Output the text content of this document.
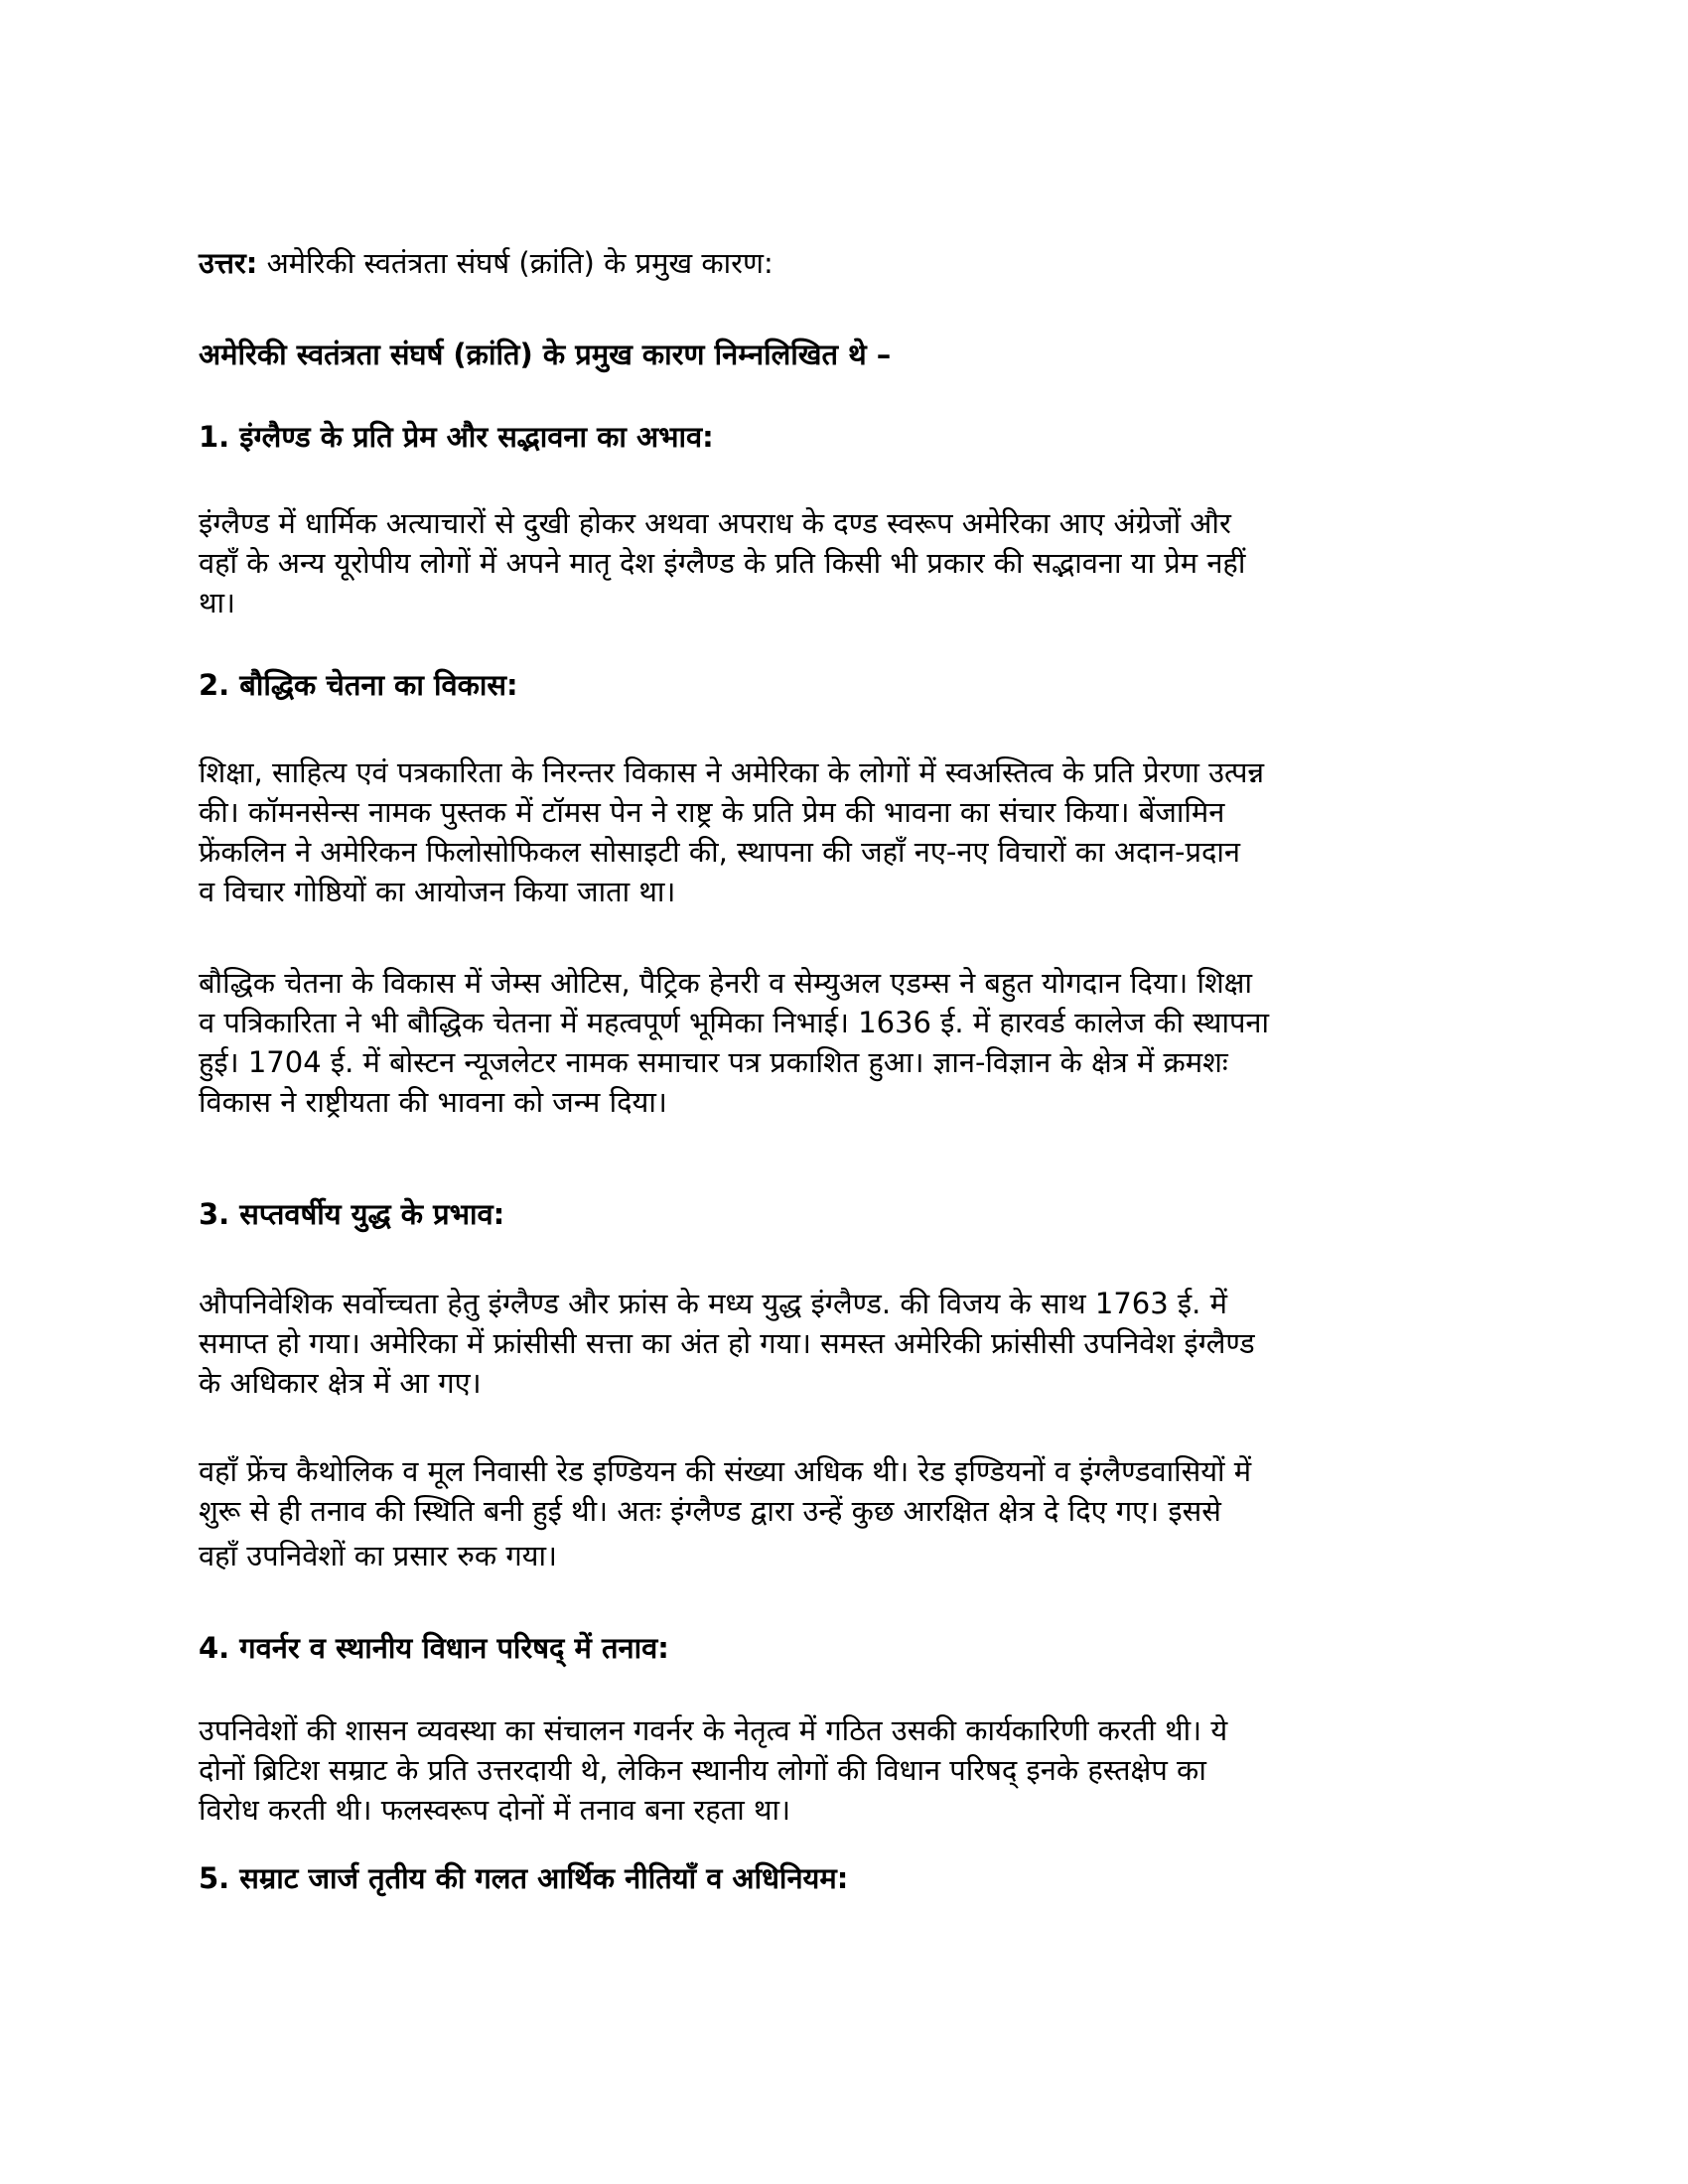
उत्तर: अमेरिकी स्वतंत्रता संघर्ष (क्रांति) के प्रमुख कारण:
अमेरिकी स्वतंत्रता संघर्ष (क्रांति) के प्रमुख कारण निम्नलिखित थे –
1. इंग्लैण्ड के प्रति प्रेम और सद्भावना का अभाव:
इंग्लैण्ड में धार्मिक अत्याचारों से दुखी होकर अथवा अपराध के दण्ड स्वरूप अमेरिका आए अंग्रेजों और
वहाँ के अन्य यूरोपीय लोगों में अपने मातृ देश इंग्लैण्ड के प्रति किसी भी प्रकार की सद्भावना या प्रेम नहीं
था।
2. बौद्धिक चेतना का विकास:
शिक्षा, साहित्य एवं पत्रकारिता के निरन्तर विकास ने अमेरिका के लोगों में स्वअस्तित्व के प्रति प्रेरणा उत्पन्न
की। कॉमनसेन्स नामक पुस्तक में टॉमस पेन ने राष्ट्र के प्रति प्रेम की भावना का संचार किया। बेंजामिन
फ्रेंकलिन ने अमेरिकन फिलोसोफिकल सोसाइटी की, स्थापना की जहाँ नए-नए विचारों का अदान-प्रदान
व विचार गोष्ठियों का आयोजन किया जाता था।
बौद्धिक चेतना के विकास में जेम्स ओटिस, पैट्रिक हेनरी व सेम्युअल एडम्स ने बहुत योगदान दिया। शिक्षा
व पत्रिकारिता ने भी बौद्धिक चेतना में महत्वपूर्ण भूमिका निभाई। 1636 ई. में हारवर्ड कालेज की स्थापना
हुई। 1704 ई. में बोस्टन न्यूजलेटर नामक समाचार पत्र प्रकाशित हुआ। ज्ञान-विज्ञान के क्षेत्र में क्रमशः
विकास ने राष्ट्रीयता की भावना को जन्म दिया।
3. सप्तवर्षीय युद्ध के प्रभाव:
औपनिवेशिक सर्वोच्चता हेतु इंग्लैण्ड और फ्रांस के मध्य युद्ध इंग्लैण्ड. की विजय के साथ 1763 ई. में
समाप्त हो गया। अमेरिका में फ्रांसीसी सत्ता का अंत हो गया। समस्त अमेरिकी फ्रांसीसी उपनिवेश इंग्लैण्ड
के अधिकार क्षेत्र में आ गए।
वहाँ फ्रेंच कैथोलिक व मूल निवासी रेड इण्डियन की संख्या अधिक थी। रेड इण्डियनों व इंग्लैण्डवासियों में
शुरू से ही तनाव की स्थिति बनी हुई थी। अतः इंग्लैण्ड द्वारा उन्हें कुछ आरक्षित क्षेत्र दे दिए गए। इससे
वहाँ उपनिवेशों का प्रसार रुक गया।
4. गवर्नर व स्थानीय विधान परिषद् में तनाव:
उपनिवेशों की शासन व्यवस्था का संचालन गवर्नर के नेतृत्व में गठित उसकी कार्यकारिणी करती थी। ये
दोनों ब्रिटिश सम्राट के प्रति उत्तरदायी थे, लेकिन स्थानीय लोगों की विधान परिषद् इनके हस्तक्षेप का
विरोध करती थी। फलस्वरूप दोनों में तनाव बना रहता था।
5. सम्राट जार्ज तृतीय की गलत आर्थिक नीतियाँ व अधिनियम:
